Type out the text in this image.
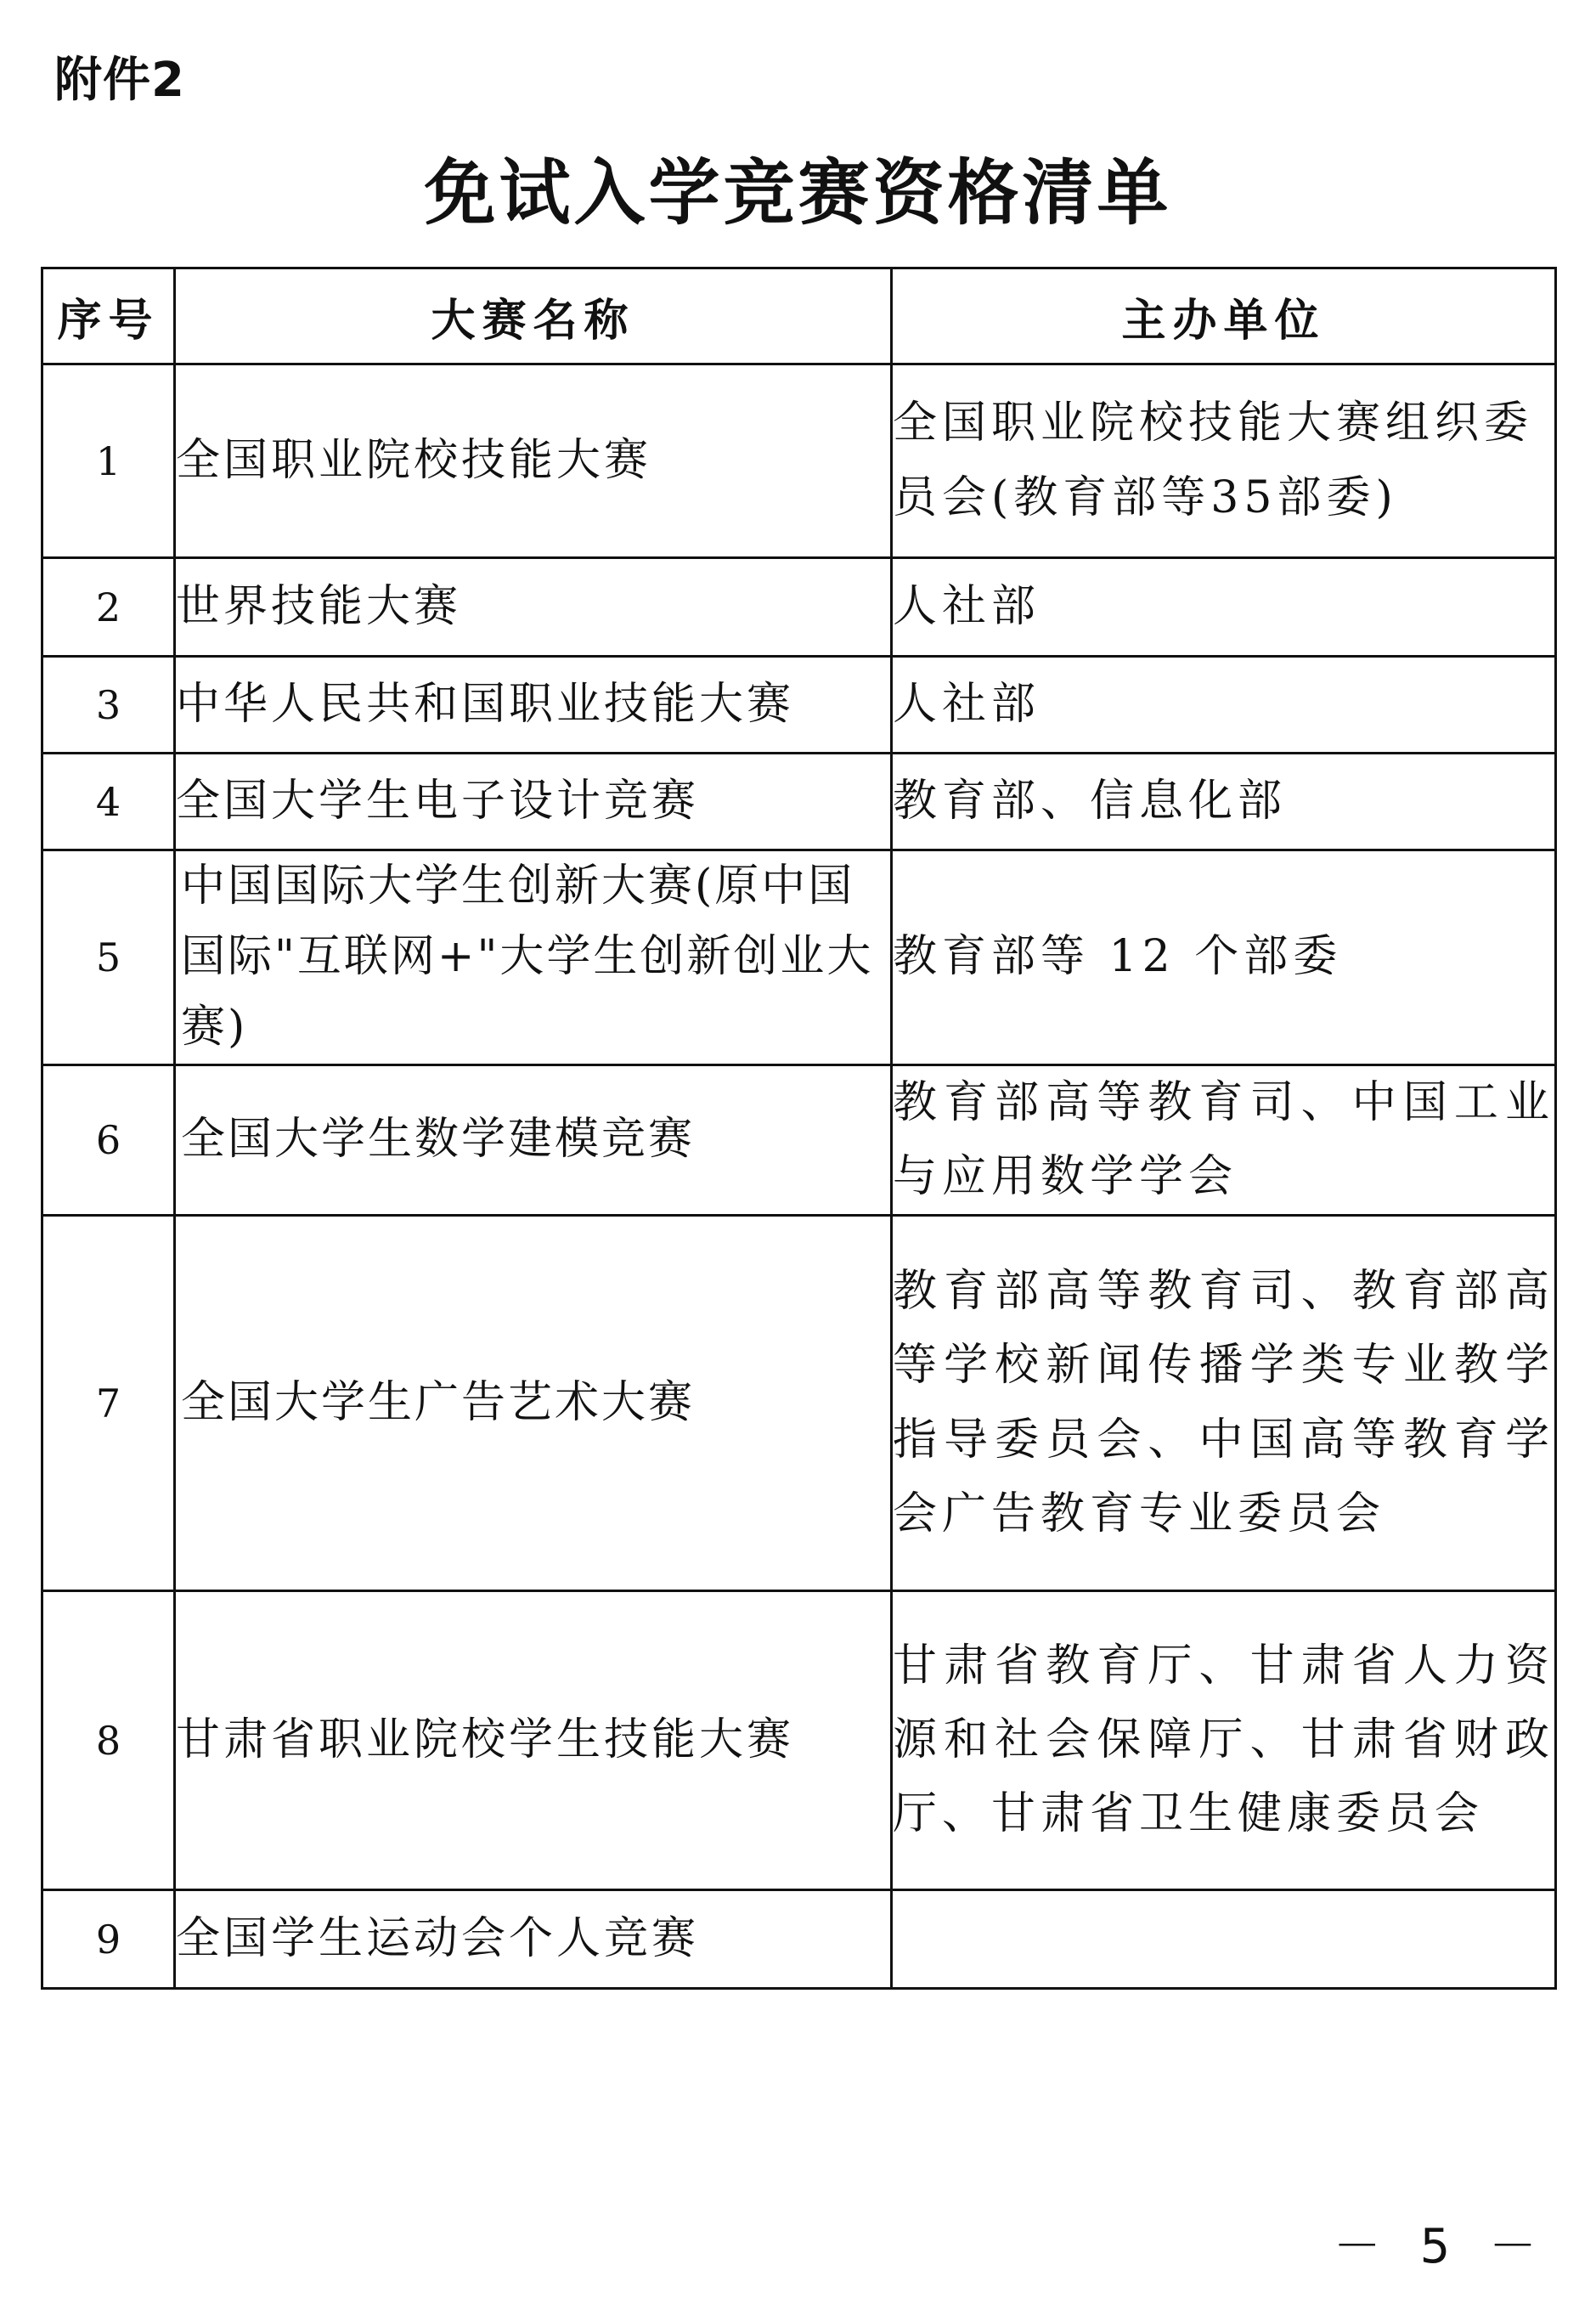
附件2
免试入学竞赛资格清单
序号	大赛名称	主办单位
1	全国职业院校技能大赛	全国职业院校技能大赛组织委员会(教育部等35部委)
2	世界技能大赛	人社部
3	中华人民共和国职业技能大赛	人社部
4	全国大学生电子设计竞赛	教育部、信息化部
5	中国国际大学生创新大赛(原中国国际"互联网+"大学生创新创业大赛)	教育部等 12 个部委
6	全国大学生数学建模竞赛	教育部高等教育司、中国工业与应用数学学会
7	全国大学生广告艺术大赛	教育部高等教育司、教育部高等学校新闻传播学类专业教学指导委员会、中国高等教育学会广告教育专业委员会
8	甘肃省职业院校学生技能大赛	甘肃省教育厅、甘肃省人力资源和社会保障厅、甘肃省财政厅、甘肃省卫生健康委员会
9	全国学生运动会个人竞赛	
－ 5 －
